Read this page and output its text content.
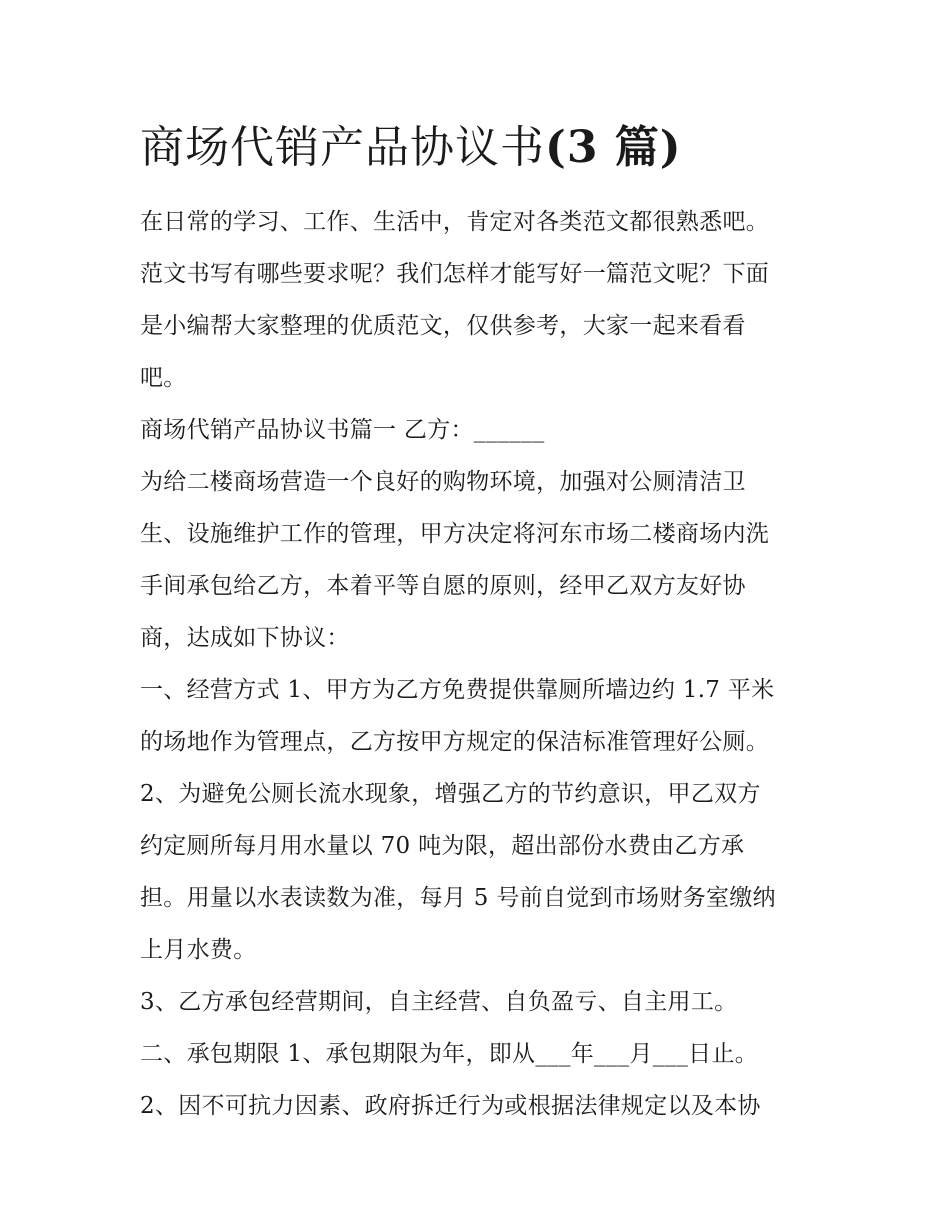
商场代销产品协议书(3 篇)
在日常的学习、工作、生活中，肯定对各类范文都很熟悉吧。
范文书写有哪些要求呢？我们怎样才能写好一篇范文呢？下面
是小编帮大家整理的优质范文，仅供参考，大家一起来看看
吧。
商场代销产品协议书篇一 乙方：______
为给二楼商场营造一个良好的购物环境，加强对公厕清洁卫
生、设施维护工作的管理，甲方决定将河东市场二楼商场内洗
手间承包给乙方，本着平等自愿的原则，经甲乙双方友好协
商，达成如下协议：
一、经营方式 1、甲方为乙方免费提供靠厕所墙边约 1.7 平米
的场地作为管理点，乙方按甲方规定的保洁标准管理好公厕。
2、为避免公厕长流水现象，增强乙方的节约意识，甲乙双方
约定厕所每月用水量以 70 吨为限，超出部份水费由乙方承
担。用量以水表读数为准，每月 5 号前自觉到市场财务室缴纳
上月水费。
3、乙方承包经营期间，自主经营、自负盈亏、自主用工。
二、承包期限 1、承包期限为年，即从___年___月___日止。
2、因不可抗力因素、政府拆迁行为或根据法律规定以及本协
